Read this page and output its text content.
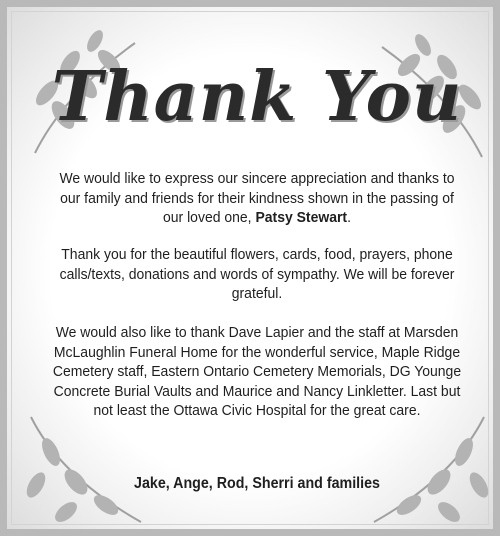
Thank You
We would like to express our sincere appreciation and thanks to our family and friends for their kindness shown in the passing of our loved one, Patsy Stewart.
Thank you for the beautiful flowers, cards, food, prayers, phone calls/texts, donations and words of sympathy. We will be forever grateful.
We would also like to thank Dave Lapier and the staff at Marsden McLaughlin Funeral Home for the wonderful service, Maple Ridge Cemetery staff, Eastern Ontario Cemetery Memorials, DG Younge Concrete Burial Vaults and Maurice and Nancy Linkletter. Last but not least the Ottawa Civic Hospital for the great care.
Jake, Ange, Rod, Sherri and families
